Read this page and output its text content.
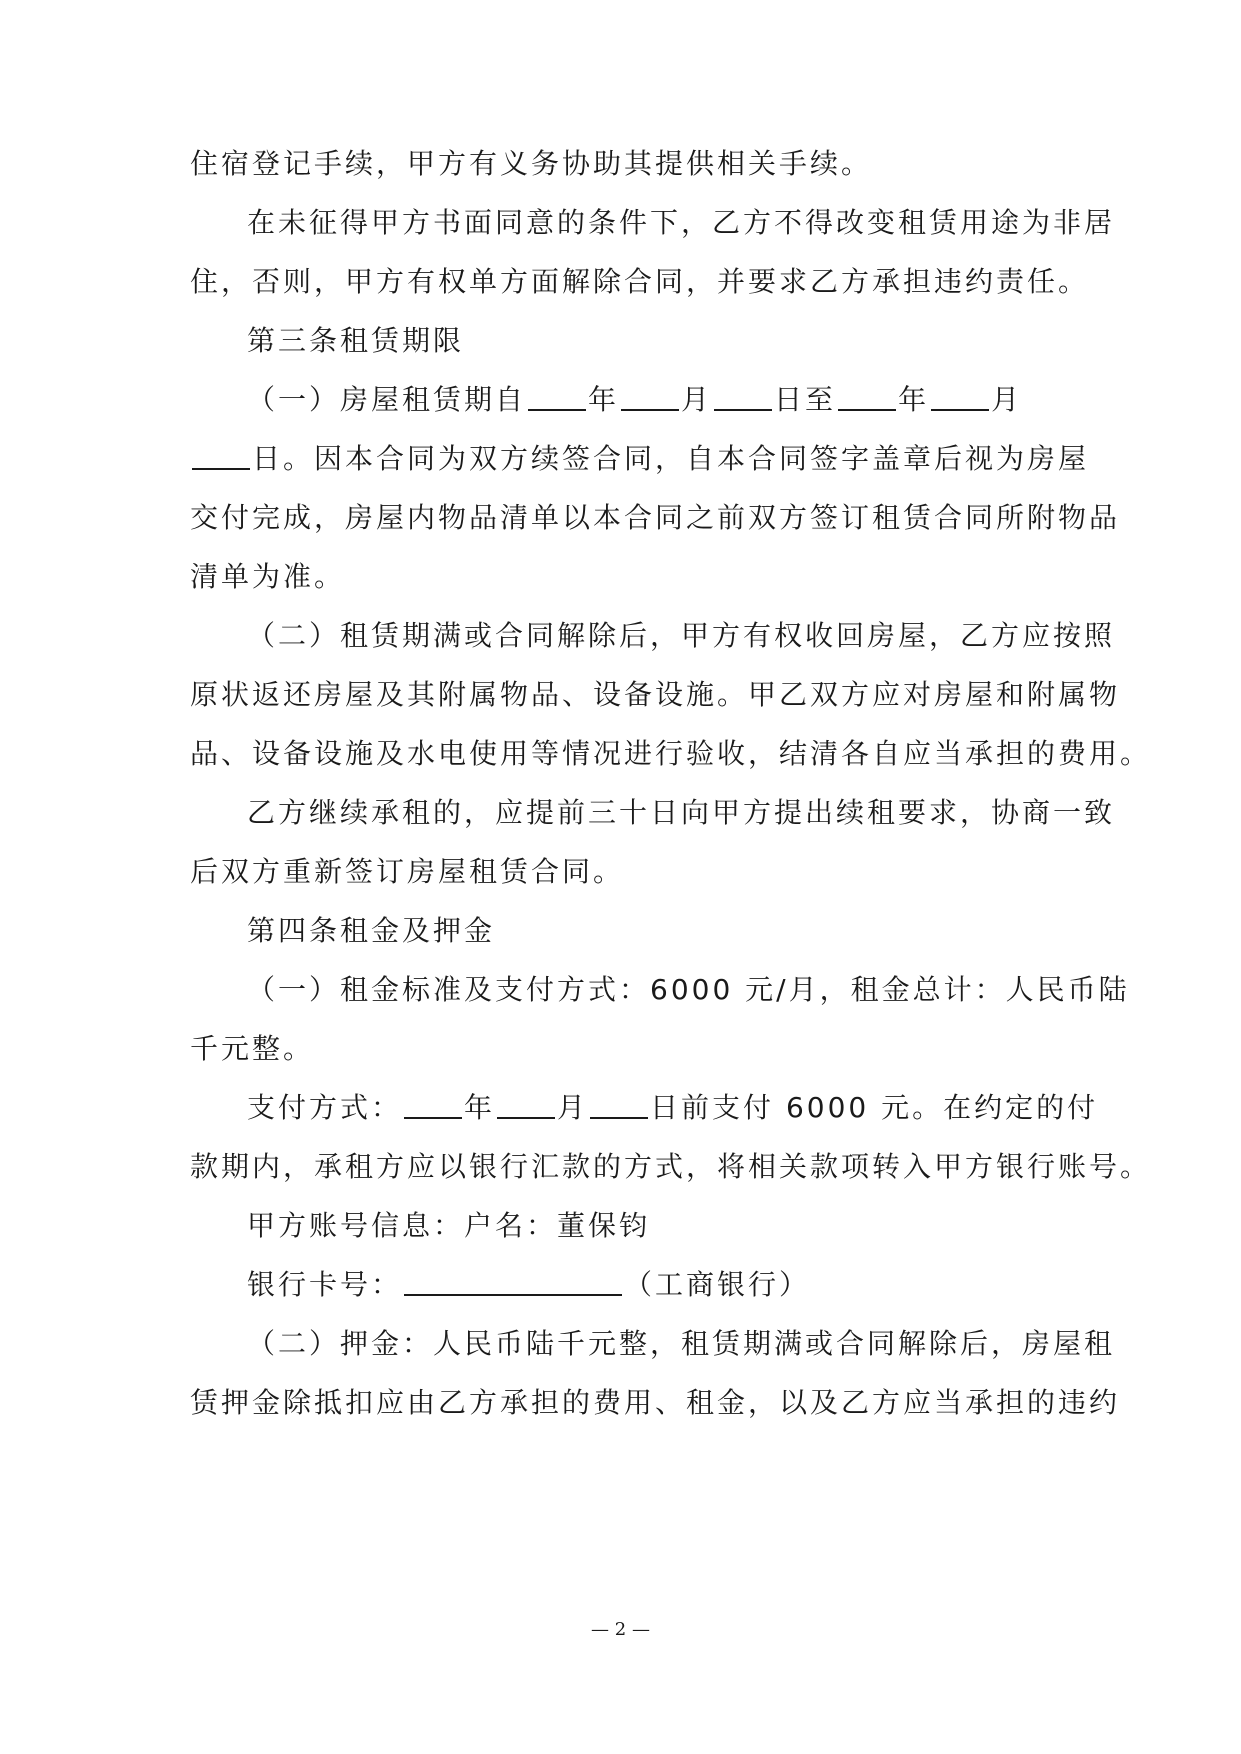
住宿登记手续，甲方有义务协助其提供相关手续。
在未征得甲方书面同意的条件下，乙方不得改变租赁用途为非居
住，否则，甲方有权单方面解除合同，并要求乙方承担违约责任。
第三条租赁期限
（一）房屋租赁期自 年 月 日至 年 月
日。因本合同为双方续签合同，自本合同签字盖章后视为房屋
交付完成，房屋内物品清单以本合同之前双方签订租赁合同所附物品
清单为准。
（二）租赁期满或合同解除后，甲方有权收回房屋，乙方应按照
原状返还房屋及其附属物品、设备设施。甲乙双方应对房屋和附属物
品、设备设施及水电使用等情况进行验收，结清各自应当承担的费用。
乙方继续承租的，应提前三十日向甲方提出续租要求，协商一致
后双方重新签订房屋租赁合同。
第四条租金及押金
（一）租金标准及支付方式：6000 元/月，租金总计：人民币陆
千元整。
支付方式： 年 月 日前支付 6000 元。在约定的付
款期内，承租方应以银行汇款的方式，将相关款项转入甲方银行账号。
甲方账号信息：户名：董保钧
银行卡号：	（工商银行）
（二）押金：人民币陆千元整，租赁期满或合同解除后，房屋租
赁押金除抵扣应由乙方承担的费用、租金，以及乙方应当承担的违约
— 2 —
